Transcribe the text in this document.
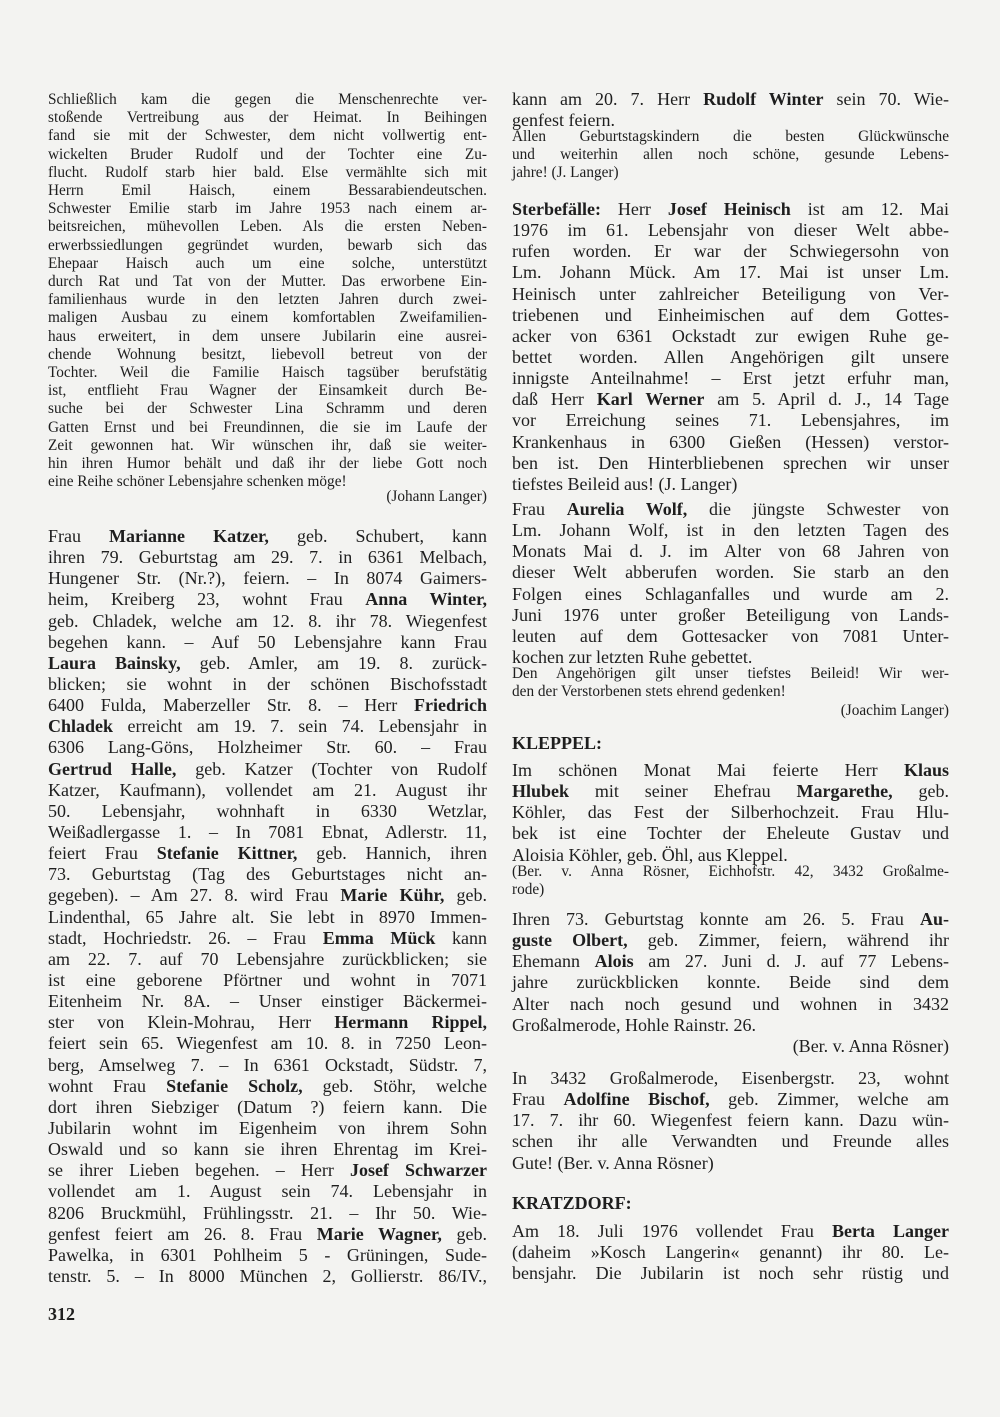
Schließlich kam die gegen die Menschenrechte ver-
stoßende Vertreibung aus der Heimat. In Beihingen
fand sie mit der Schwester, dem nicht vollwertig ent-
wickelten Bruder Rudolf und der Tochter eine Zu-
flucht. Rudolf starb hier bald. Else vermählte sich mit
Herrn Emil Haisch, einem Bessarabiendeutschen.
Schwester Emilie starb im Jahre 1953 nach einem ar-
beitsreichen, mühevollen Leben. Als die ersten Neben-
erwerbssiedlungen gegründet wurden, bewarb sich das
Ehepaar Haisch auch um eine solche, unterstützt
durch Rat und Tat von der Mutter. Das erworbene Ein-
familienhaus wurde in den letzten Jahren durch zwei-
maligen Ausbau zu einem komfortablen Zweifamilien-
haus erweitert, in dem unsere Jubilarin eine ausrei-
chende Wohnung besitzt, liebevoll betreut von der
Tochter. Weil die Familie Haisch tagsüber berufstätig
ist, entflieht Frau Wagner der Einsamkeit durch Be-
suche bei der Schwester Lina Schramm und deren
Gatten Ernst und bei Freundinnen, die sie im Laufe der
Zeit gewonnen hat. Wir wünschen ihr, daß sie weiter-
hin ihren Humor behält und daß ihr der liebe Gott noch
eine Reihe schöner Lebensjahre schenken möge!
(Johann Langer)
Frau Marianne Katzer, geb. Schubert, kann
ihren 79. Geburtstag am 29. 7. in 6361 Melbach,
Hungener Str. (Nr.?), feiern. – In 8074 Gaimers-
heim, Kreiberg 23, wohnt Frau Anna Winter,
geb. Chladek, welche am 12. 8. ihr 78. Wiegenfest
begehen kann. – Auf 50 Lebensjahre kann Frau
Laura Bainsky, geb. Amler, am 19. 8. zurück-
blicken; sie wohnt in der schönen Bischofsstadt
6400 Fulda, Maberzeller Str. 8. – Herr Friedrich
Chladek erreicht am 19. 7. sein 74. Lebensjahr in
6306 Lang-Göns, Holzheimer Str. 60. – Frau
Gertrud Halle, geb. Katzer (Tochter von Rudolf
Katzer, Kaufmann), vollendet am 21. August ihr
50. Lebensjahr, wohnhaft in 6330 Wetzlar,
Weißadlergasse 1. – In 7081 Ebnat, Adlerstr. 11,
feiert Frau Stefanie Kittner, geb. Hannich, ihren
73. Geburtstag (Tag des Geburtstages nicht an-
gegeben). – Am 27. 8. wird Frau Marie Kühr, geb.
Lindenthal, 65 Jahre alt. Sie lebt in 8970 Immen-
stadt, Hochriedstr. 26. – Frau Emma Mück kann
am 22. 7. auf 70 Lebensjahre zurückblicken; sie
ist eine geborene Pförtner und wohnt in 7071
Eitenheim Nr. 8A. – Unser einstiger Bäckermei-
ster von Klein-Mohrau, Herr Hermann Rippel,
feiert sein 65. Wiegenfest am 10. 8. in 7250 Leon-
berg, Amselweg 7. – In 6361 Ockstadt, Südstr. 7,
wohnt Frau Stefanie Scholz, geb. Stöhr, welche
dort ihren Siebziger (Datum ?) feiern kann. Die
Jubilarin wohnt im Eigenheim von ihrem Sohn
Oswald und so kann sie ihren Ehrentag im Krei-
se ihrer Lieben begehen. – Herr Josef Schwarzer
vollendet am 1. August sein 74. Lebensjahr in
8206 Bruckmühl, Frühlingsstr. 21. – Ihr 50. Wie-
genfest feiert am 26. 8. Frau Marie Wagner, geb.
Pawelka, in 6301 Pohlheim 5 - Grüningen, Sude-
tenstr. 5. – In 8000 München 2, Gollierstr. 86/IV.,
312
kann am 20. 7. Herr Rudolf Winter sein 70. Wie-
genfest feiern.
Allen Geburtstagskindern die besten Glückwünsche
und weiterhin allen noch schöne, gesunde Lebens-
jahre! (J. Langer)
Sterbefälle: Herr Josef Heinisch ist am 12. Mai
1976 im 61. Lebensjahr von dieser Welt abbe-
rufen worden. Er war der Schwiegersohn von
Lm. Johann Mück. Am 17. Mai ist unser Lm.
Heinisch unter zahlreicher Beteiligung von Ver-
triebenen und Einheimischen auf dem Gottes-
acker von 6361 Ockstadt zur ewigen Ruhe ge-
bettet worden. Allen Angehörigen gilt unsere
innigste Anteilnahme! – Erst jetzt erfuhr man,
daß Herr Karl Werner am 5. April d. J., 14 Tage
vor Erreichung seines 71. Lebensjahres, im
Krankenhaus in 6300 Gießen (Hessen) verstor-
ben ist. Den Hinterbliebenen sprechen wir unser
tiefstes Beileid aus! (J. Langer)
Frau Aurelia Wolf, die jüngste Schwester von
Lm. Johann Wolf, ist in den letzten Tagen des
Monats Mai d. J. im Alter von 68 Jahren von
dieser Welt abberufen worden. Sie starb an den
Folgen eines Schlaganfalles und wurde am 2.
Juni 1976 unter großer Beteiligung von Lands-
leuten auf dem Gottesacker von 7081 Unter-
kochen zur letzten Ruhe gebettet.
Den Angehörigen gilt unser tiefstes Beileid! Wir wer-
den der Verstorbenen stets ehrend gedenken!
(Joachim Langer)
KLEPPEL:
Im schönen Monat Mai feierte Herr Klaus
Hlubek mit seiner Ehefrau Margarethe, geb.
Köhler, das Fest der Silberhochzeit. Frau Hlu-
bek ist eine Tochter der Eheleute Gustav und
Aloisia Köhler, geb. Öhl, aus Kleppel.
(Ber. v. Anna Rösner, Eichhofstr. 42, 3432 Großalme-
rode)
Ihren 73. Geburtstag konnte am 26. 5. Frau Au-
guste Olbert, geb. Zimmer, feiern, während ihr
Ehemann Alois am 27. Juni d. J. auf 77 Lebens-
jahre zurückblicken konnte. Beide sind dem
Alter nach noch gesund und wohnen in 3432
Großalmerode, Hohle Rainstr. 26.
(Ber. v. Anna Rösner)
In 3432 Großalmerode, Eisenbergstr. 23, wohnt
Frau Adolfine Bischof, geb. Zimmer, welche am
17. 7. ihr 60. Wiegenfest feiern kann. Dazu wün-
schen ihr alle Verwandten und Freunde alles
Gute! (Ber. v. Anna Rösner)
KRATZDORF:
Am 18. Juli 1976 vollendet Frau Berta Langer
(daheim »Kosch Langerin« genannt) ihr 80. Le-
bensjahr. Die Jubilarin ist noch sehr rüstig und
